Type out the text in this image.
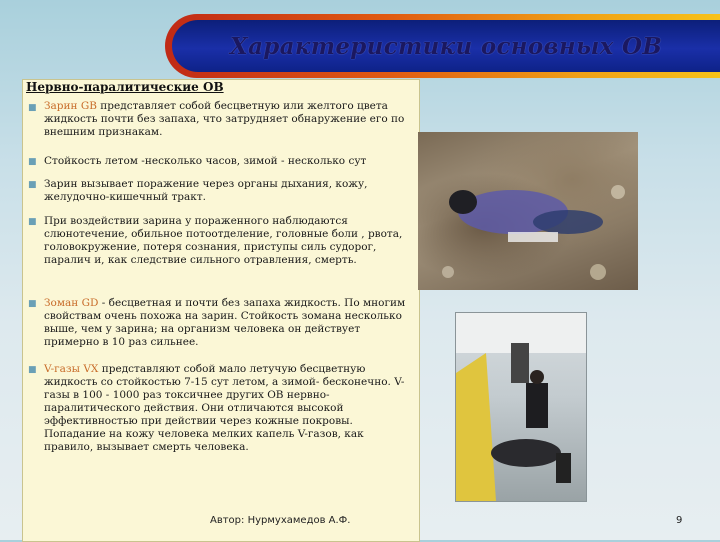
Характеристики основных ОВ
Нервно-паралитические ОВ
■ Зарин GB представляет собой бесцветную или желтого цвета жидкость почти без запаха, что затрудняет обнаружение его по внешним признакам.
■ Стойкость летом -несколько часов, зимой - несколько сут
■ Зарин вызывает поражение через органы дыхания, кожу, желудочно-кишечный тракт.
■ При воздействии зарина у пораженного наблюдаются слюнотечение, обильное потоотделение, головные боли , рвота, головокружение, потеря сознания, приступы силь судорог, паралич и, как следствие сильного отравления, смерть.
■ Зоман GD - бесцветная и почти без запаха жидкость. По многим свойствам очень похожа на зарин. Стойкость зомана несколько выше, чем у зарина; на организм человека он действует примерно в 10 раз сильнее.
■ V-газы VX представляют собой мало летучую бесцветную жидкость со стойкостью 7-15 сут летом, а зимой- бесконечно. V-газы в 100 - 1000 раз токсичнее других ОВ нервно-паралитического действия. Они отличаются высокой эффективностью при действии через кожные покровы. Попадание на кожу человека мелких капель V-газов, как правило, вызывает смерть человека.
Автор: Нурмухамедов А.Ф.	9
